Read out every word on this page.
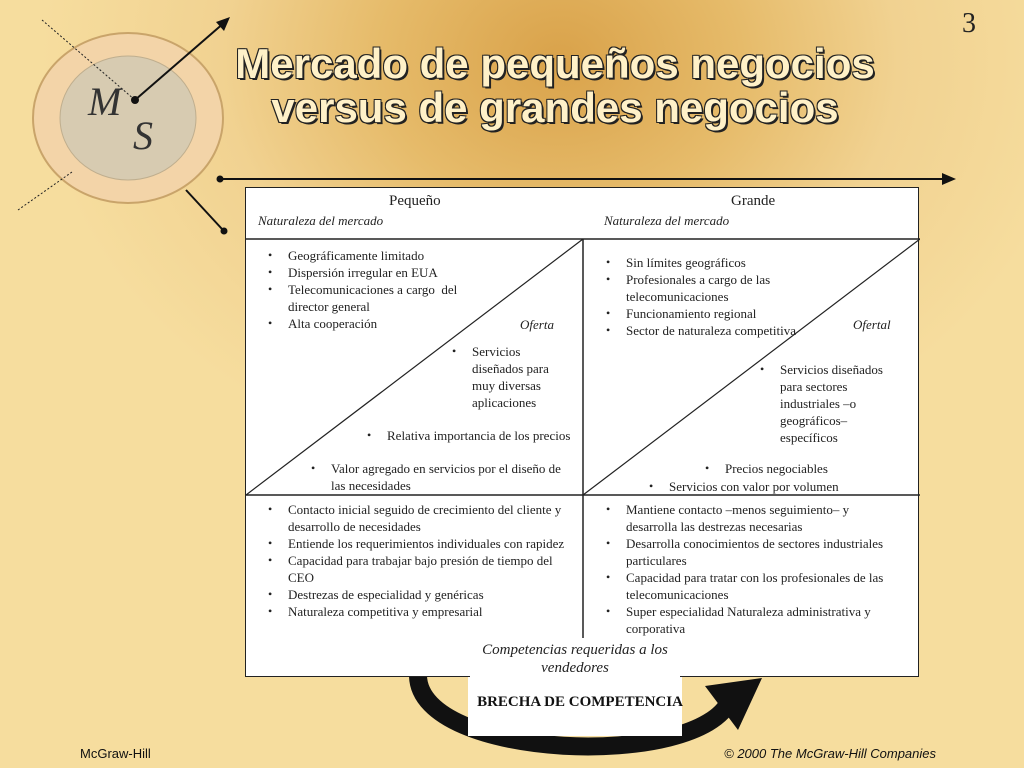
M
S
3
Mercado de pequeños negocios
versus de grandes negocios
Pequeño
Naturaleza del mercado
Grande
Naturaleza del mercado
• Geográficamente limitado
• Dispersión irregular en EUA
• Telecomunicaciones a cargo  del director general
• Alta cooperación
• Sin límites geográficos
• Profesionales a cargo de las telecomunicaciones
• Funcionamiento regional
• Sector de naturaleza competitiva
Oferta	Ofertal
• Servicios diseñados para muy diversas aplicaciones
• Relativa importancia de los precios
• Valor agregado en servicios por el diseño de las necesidades
• Servicios diseñados para sectores industriales –o geográficos– específicos
• Precios negociables
• Servicios con valor por volumen
• Contacto inicial seguido de crecimiento del cliente y desarrollo de necesidades
• Entiende los requerimientos individuales con rapidez
• Capacidad para trabajar bajo presión de tiempo del CEO
• Destrezas de especialidad y genéricas
• Naturaleza competitiva y empresarial
• Mantiene contacto –menos seguimiento– y desarrolla las destrezas necesarias
• Desarrolla conocimientos de sectores industriales particulares
• Capacidad para tratar con los profesionales de las telecomunicaciones
• Super especialidad Naturaleza administrativa y corporativa
Competencias requeridas a los vendedores
BRECHA DE COMPETENCIA
McGraw-Hill	© 2000 The McGraw-Hill Companies
